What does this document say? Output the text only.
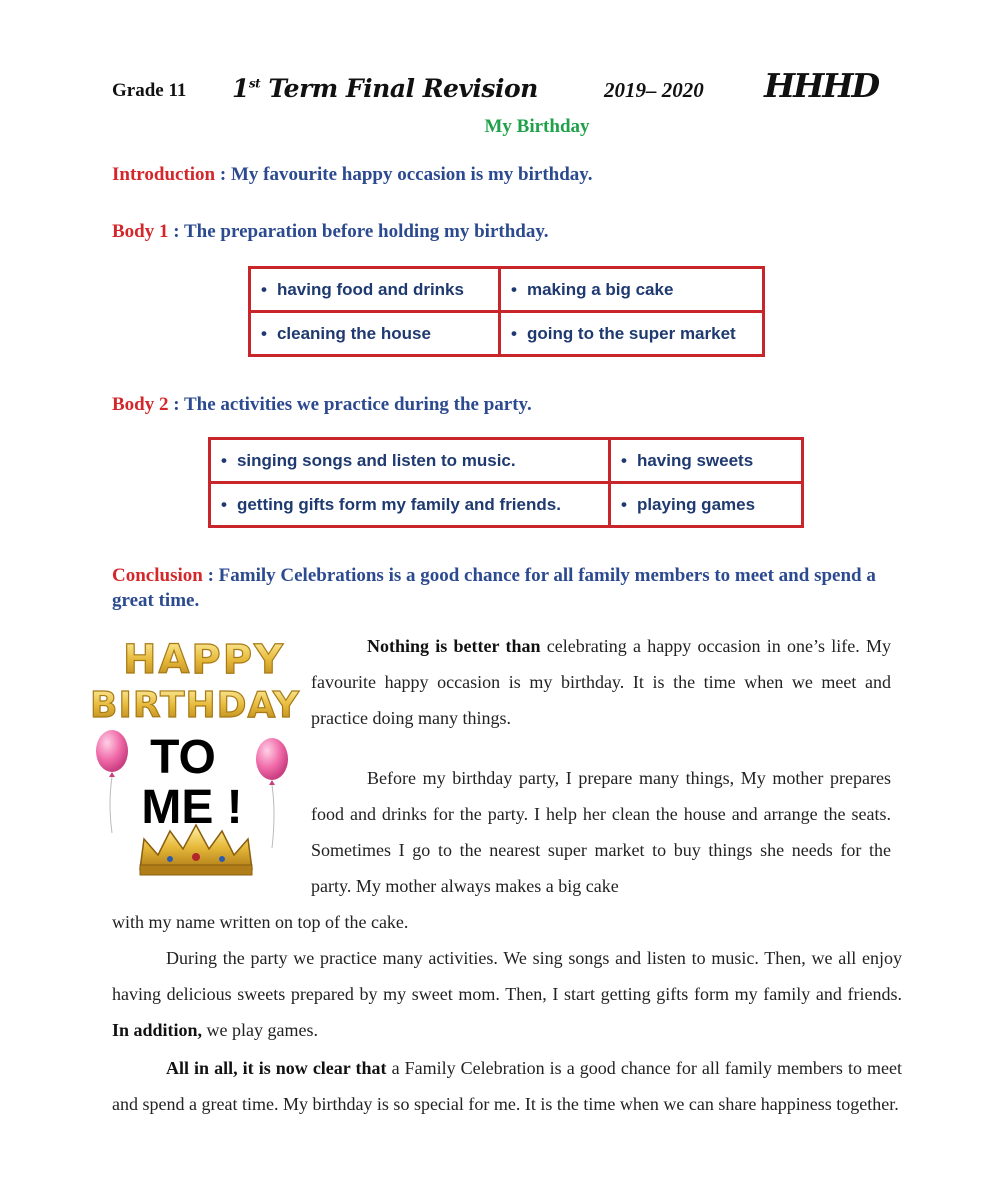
Grade 11 1st Term Final Revision	2019– 2020 HHHD
My Birthday
Introduction : My favourite happy occasion is my birthday.
Body 1 : The preparation before holding my birthday.
• having food and drinks	• making a big cake
• cleaning the house	• going to the super market
Body 2 : The activities we practice during the party.
• singing songs and listen to music.	• having sweets
• getting gifts form my family and friends.	• playing games
Conclusion : Family Celebrations is a good chance for all family members to meet and spend a great time.
HAPPY
BIRTHDAY
TO
ME !
Nothing is better than celebrating a happy occasion in one’s life. My favourite happy occasion is my birthday. It is the time when we meet and practice doing many things.
Before my birthday party, I prepare many things, My mother prepares food and drinks for the party. I help her clean the house and arrange the seats. Sometimes I go to the nearest super market to buy things she needs for the party. My mother always makes a big cake
with my name written on top of the cake.
During the party we practice many activities. We sing songs and listen to music. Then, we all enjoy having delicious sweets prepared by my sweet mom. Then, I start getting gifts form my family and friends. In addition, we play games.
All in all, it is now clear that a Family Celebration is a good chance for all family members to meet and spend a great time. My birthday is so special for me. It is the time when we can share happiness together.
